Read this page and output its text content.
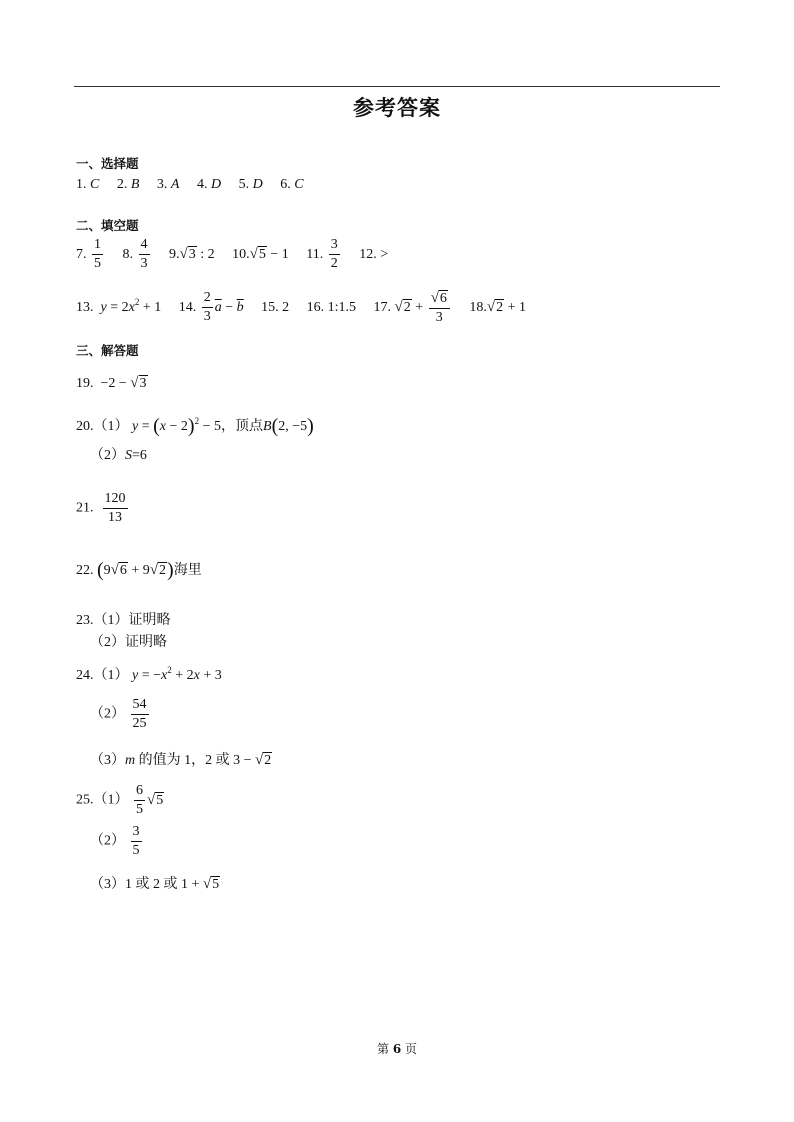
参考答案
一、选择题
1. C 2. B 3. A 4. D 5. D 6. C
二、填空题
7. $\frac{1}{5} 8$. $\frac{4}{3} 9$. √ 3 : 2 10. √ 5 − 1 11. $\frac{3}{2} 12$. >
13. $y = 2x^2 + 1$ 14. $\frac{2}{3} \overline{a} - \overline{b}$ 15. 2 16. 1:1.5 17. √ $2 + \frac{√ 6}{3} 18$. √ 2 + 1
三、解答题
19. −2 − √ 3
20.（1） $y = (x - 2)^2 - 5$，顶点B(2, −5)
（2）S=6
21. $\frac{120}{13}$
22. (9 √ 6 + 9 √ 2 )海里
23.（1）证明略
（2）证明略
24.（1） $y = -x^2 + 2x + 3$
$(2) \frac{54}{25}$
（3）m 的值为 1，2 或 3 − √ 2
$25.(1) \frac{6}{5}$ √ 5
$(2) \frac{3}{5}$
（3）1 或 2 或 1 + √ 5
第 6 页
